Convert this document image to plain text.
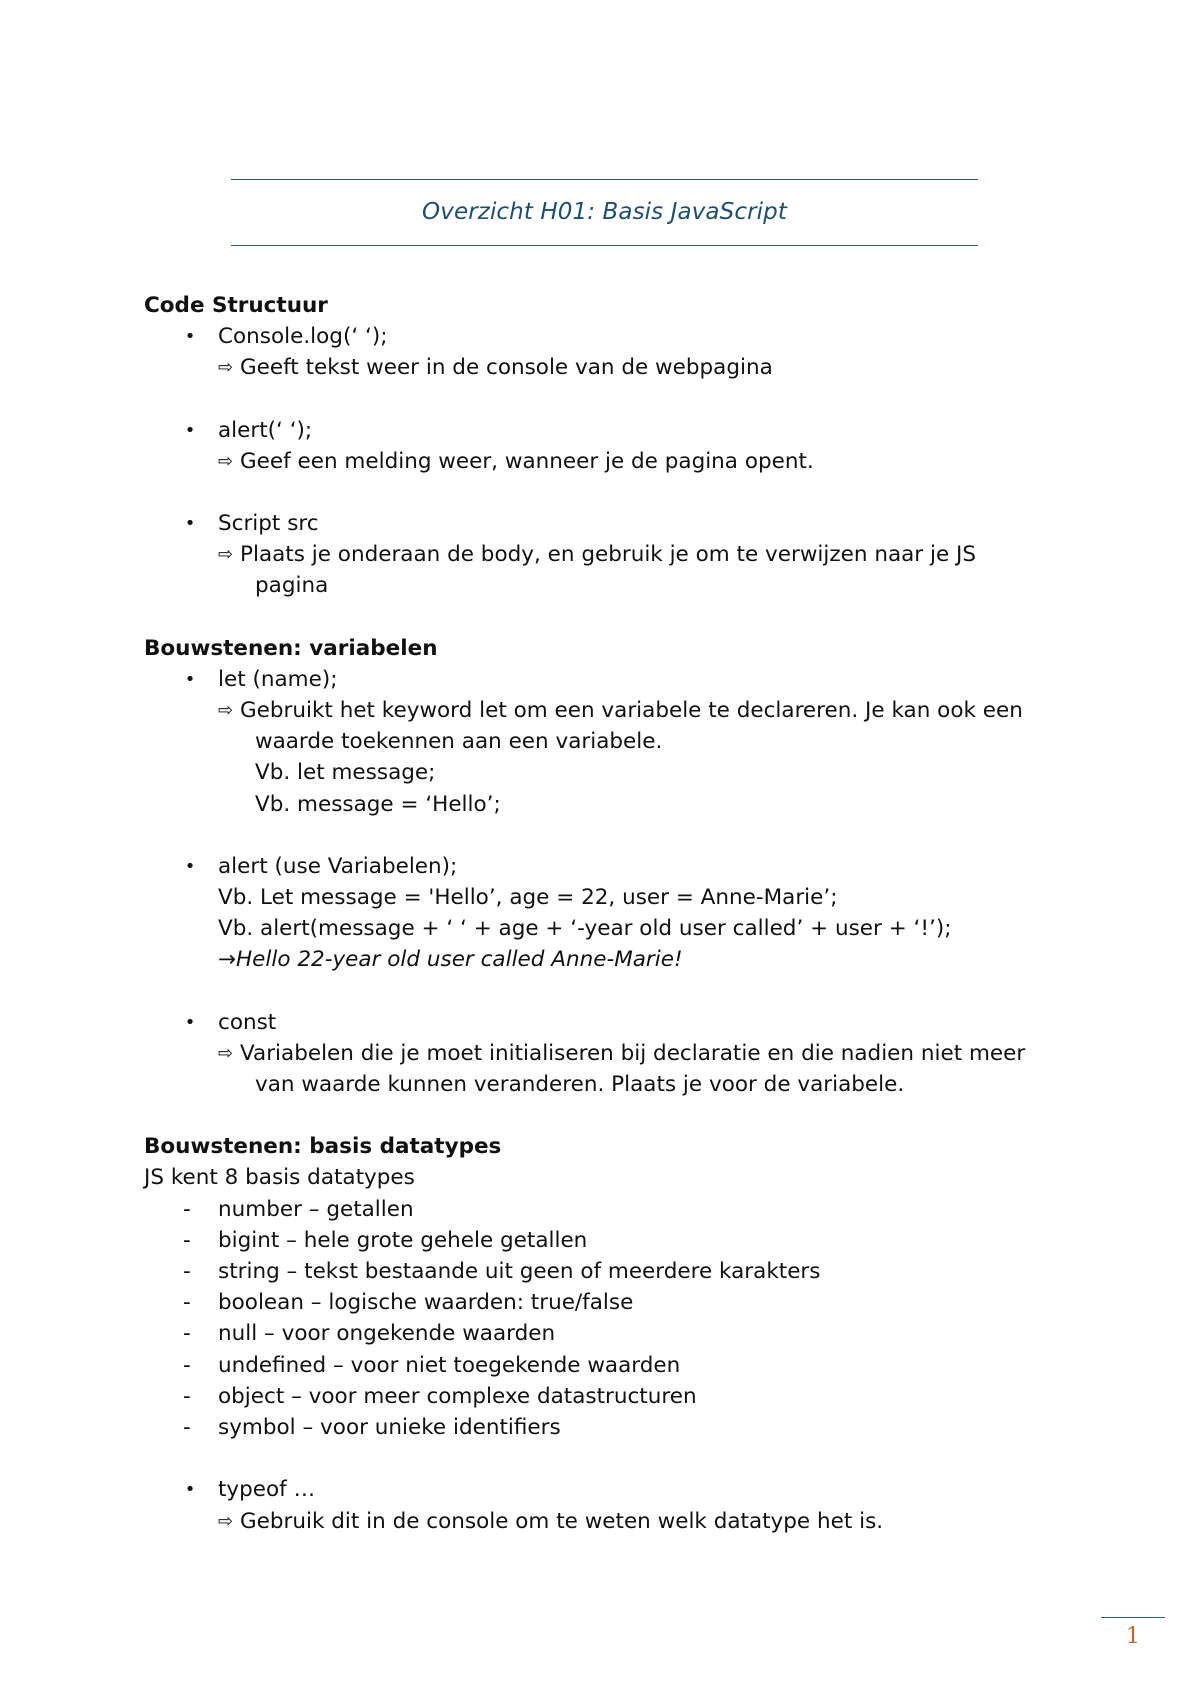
Overzicht H01: Basis JavaScript

Code Structuur

• Console.log(‘ ‘);
⇨ Geeft tekst weer in de console van de webpagina
• alert(‘ ‘);
⇨ Geef een melding weer, wanneer je de pagina opent.
• Script src
⇨ Plaats je onderaan de body, en gebruik je om te verwijzen naar je JS
pagina

Bouwstenen: variabelen

• let (name);
⇨ Gebruikt het keyword let om een variabele te declareren. Je kan ook een
waarde toekennen aan een variabele.
Vb. let message;
Vb. message = ‘Hello’;
• alert (use Variabelen);
Vb. Let message = 'Hello’, age = 22, user = Anne-Marie’;
Vb. alert(message + ‘ ‘ + age + ‘-year old user called’ + user + ‘!’);
→Hello 22-year old user called Anne-Marie!
• const
⇨ Variabelen die je moet initialiseren bij declaratie en die nadien niet meer
van waarde kunnen veranderen. Plaats je voor de variabele.

Bouwstenen: basis datatypes

JS kent 8 basis datatypes

- number – getallen
- bigint – hele grote gehele getallen
- string – tekst bestaande uit geen of meerdere karakters
- boolean – logische waarden: true/false
- null – voor ongekende waarden
- undefined – voor niet toegekende waarden
- object – voor meer complexe datastructuren
- symbol – voor unieke identifiers
• typeof …
⇨ Gebruik dit in de console om te weten welk datatype het is.
1
